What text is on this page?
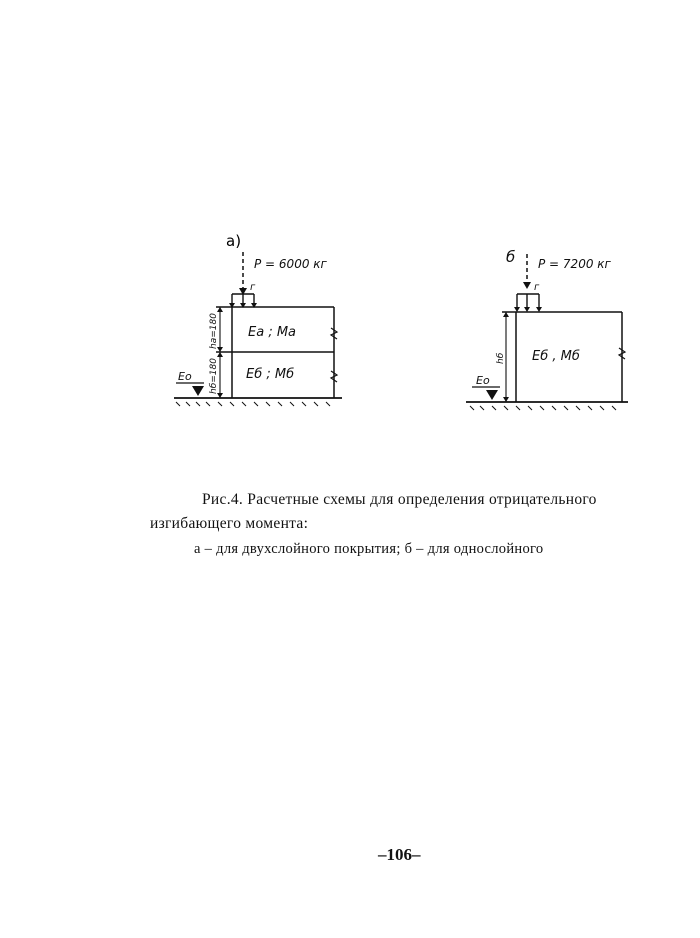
а)
P = 6000 кг
г
Еа ; Ма
Еб ; Мб
hа=180
hб=180
Ео
б P = 7200 кг
г
Еб , Мб
hб
Ео
Рис.4. Расчетные схемы для определения отрицательного
изгибающего момента:
а – для двухслойного покрытия; б – для однослойного
–106–
